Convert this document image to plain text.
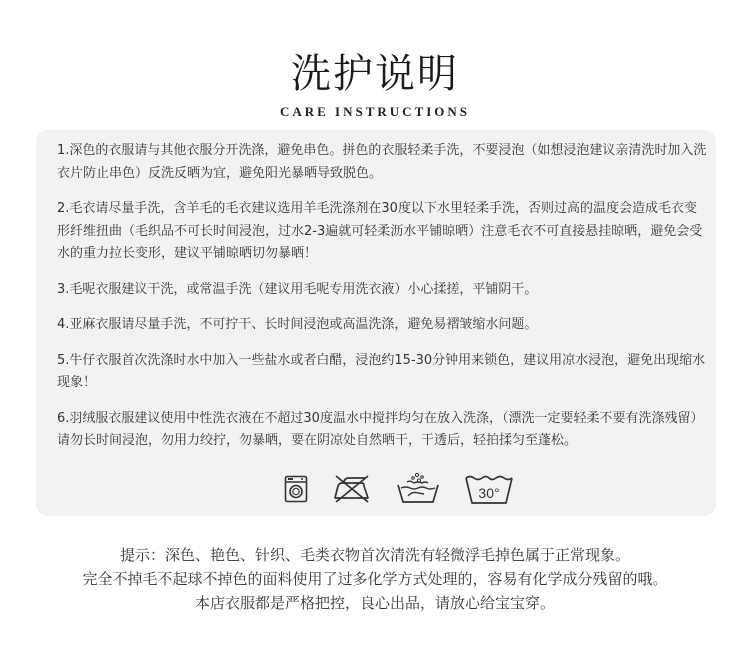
洗护说明
CARE INSTRUCTIONS
1.深色的衣服请与其他衣服分开洗涤，避免串色。拼色的衣服轻柔手洗，不要浸泡（如想浸泡建议亲清洗时加入洗衣片防止串色）反洗反晒为宜，避免阳光暴晒导致脱色。
2.毛衣请尽量手洗，含羊毛的毛衣建议选用羊毛洗涤剂在30度以下水里轻柔手洗，否则过高的温度会造成毛衣变形纤维扭曲（毛织品不可长时间浸泡，过水2-3遍就可轻柔沥水平铺晾晒）注意毛衣不可直接悬挂晾晒，避免会受水的重力拉长变形，建议平铺晾晒切勿暴晒！
3.毛呢衣服建议干洗，或常温手洗（建议用毛呢专用洗衣液）小心揉搓，平铺阴干。
4.亚麻衣服请尽量手洗，不可拧干、长时间浸泡或高温洗涤，避免易褶皱缩水问题。
5.牛仔衣服首次洗涤时水中加入一些盐水或者白醋，浸泡约15-30分钟用来锁色，建议用凉水浸泡，避免出现缩水现象！
6.羽绒服衣服建议使用中性洗衣液在不超过30度温水中搅拌均匀在放入洗涤，（漂洗一定要轻柔不要有洗涤残留）请勿长时间浸泡，勿用力绞拧，勿暴晒，要在阴凉处自然晒干，干透后，轻拍揉匀至蓬松。
30°
提示：深色、艳色、针织、毛类衣物首次清洗有轻微浮毛掉色属于正常现象。
完全不掉毛不起球不掉色的面料使用了过多化学方式处理的，容易有化学成分残留的哦。
本店衣服都是严格把控，良心出品，请放心给宝宝穿。
